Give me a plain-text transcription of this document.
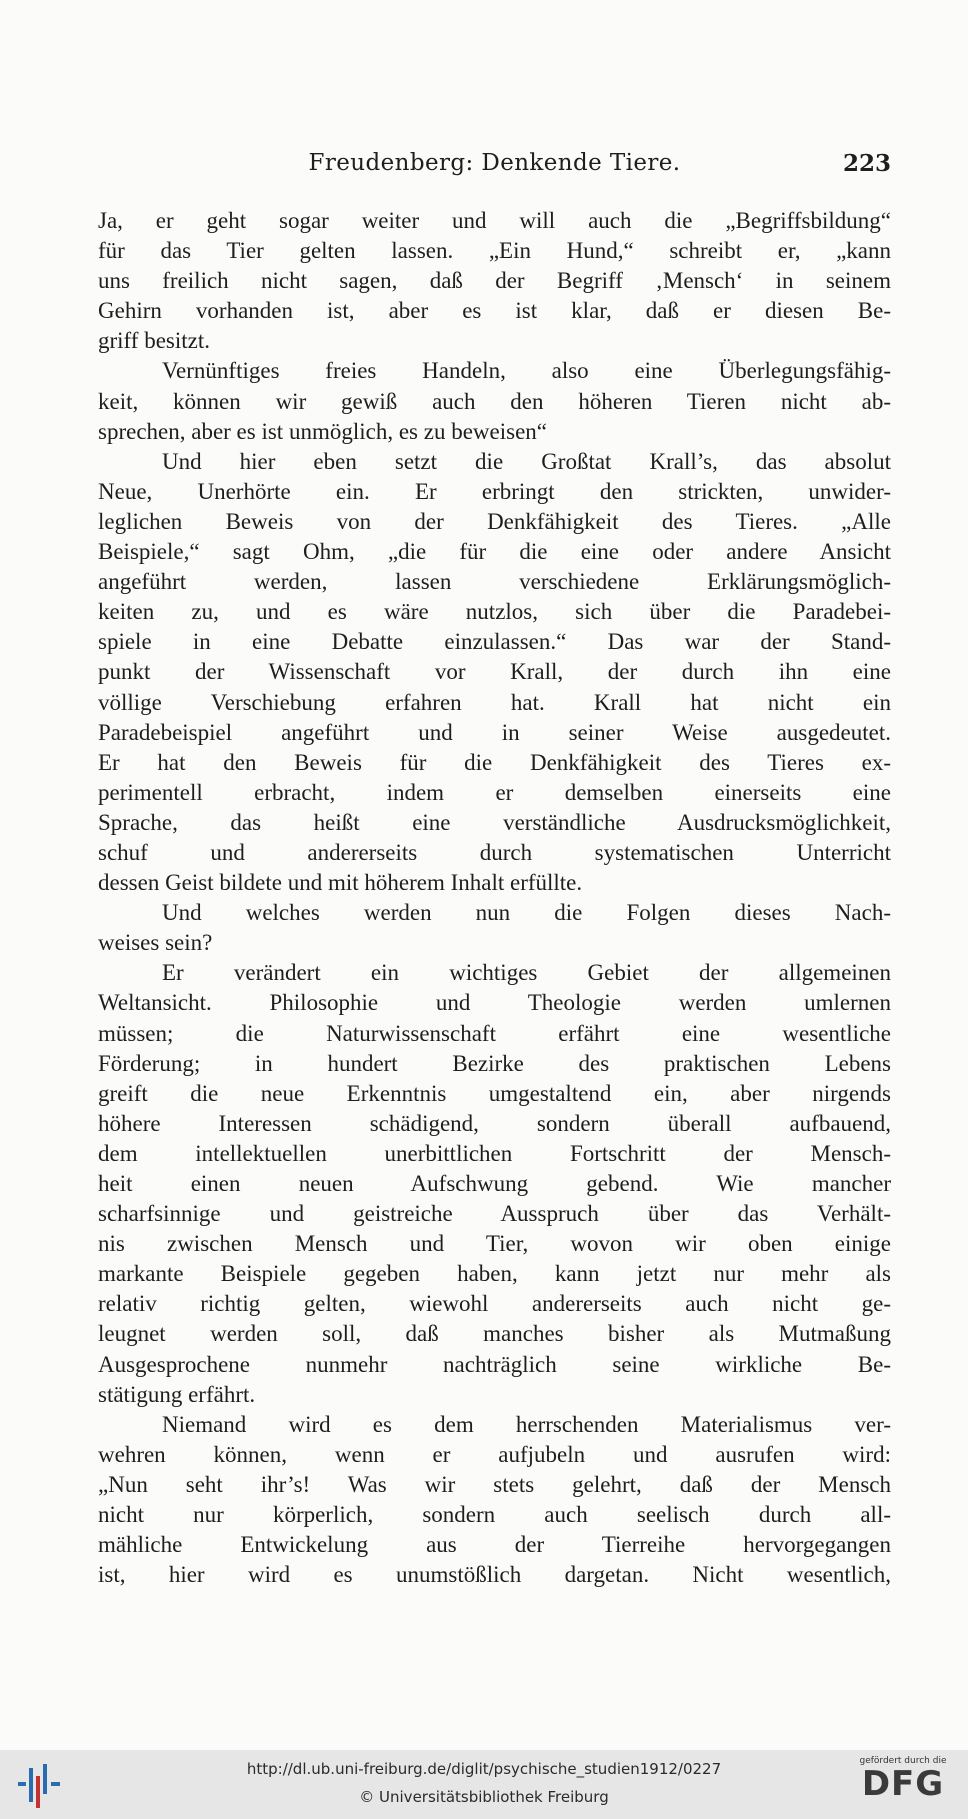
Freudenberg: Denkende Tiere.	223

Ja, er geht sogar weiter und will auch die „Begriffsbildung“
für das Tier gelten lassen. „Ein Hund,“ schreibt er, „kann
uns freilich nicht sagen, daß der Begriff ‚Mensch‘ in seinem
Gehirn vorhanden ist, aber es ist klar, daß er diesen Be-
griff besitzt.
Vernünftiges freies Handeln, also eine Überlegungsfähig-
keit, können wir gewiß auch den höheren Tieren nicht ab-
sprechen, aber es ist unmöglich, es zu beweisen“
Und hier eben setzt die Großtat Krall’s, das absolut
Neue, Unerhörte ein. Er erbringt den strickten, unwider-
leglichen Beweis von der Denkfähigkeit des Tieres. „Alle
Beispiele,“ sagt Ohm, „die für die eine oder andere Ansicht
angeführt werden, lassen verschiedene Erklärungsmöglich-
keiten zu, und es wäre nutzlos, sich über die Paradebei-
spiele in eine Debatte einzulassen.“ Das war der Stand-
punkt der Wissenschaft vor Krall, der durch ihn eine
völlige Verschiebung erfahren hat. Krall hat nicht ein
Paradebeispiel angeführt und in seiner Weise ausgedeutet.
Er hat den Beweis für die Denkfähigkeit des Tieres ex-
perimentell erbracht, indem er demselben einerseits eine
Sprache, das heißt eine verständliche Ausdrucksmöglichkeit,
schuf und andererseits durch systematischen Unterricht
dessen Geist bildete und mit höherem Inhalt erfüllte.
Und welches werden nun die Folgen dieses Nach-
weises sein?
Er verändert ein wichtiges Gebiet der allgemeinen
Weltansicht. Philosophie und Theologie werden umlernen
müssen; die Naturwissenschaft erfährt eine wesentliche
Förderung; in hundert Bezirke des praktischen Lebens
greift die neue Erkenntnis umgestaltend ein, aber nirgends
höhere Interessen schädigend, sondern überall aufbauend,
dem intellektuellen unerbittlichen Fortschritt der Mensch-
heit einen neuen Aufschwung gebend. Wie mancher
scharfsinnige und geistreiche Ausspruch über das Verhält-
nis zwischen Mensch und Tier, wovon wir oben einige
markante Beispiele gegeben haben, kann jetzt nur mehr als
relativ richtig gelten, wiewohl andererseits auch nicht ge-
leugnet werden soll, daß manches bisher als Mutmaßung
Ausgesprochene nunmehr nachträglich seine wirkliche Be-
stätigung erfährt.
Niemand wird es dem herrschenden Materialismus ver-
wehren können, wenn er aufjubeln und ausrufen wird:
„Nun seht ihr’s! Was wir stets gelehrt, daß der Mensch
nicht nur körperlich, sondern auch seelisch durch all-
mähliche Entwickelung aus der Tierreihe hervorgegangen
ist, hier wird es unumstößlich dargetan. Nicht wesentlich,

http://dl.ub.uni-freiburg.de/diglit/psychische_studien1912/0227
© Universitätsbibliothek Freiburg
gefördert durch die
DFG
